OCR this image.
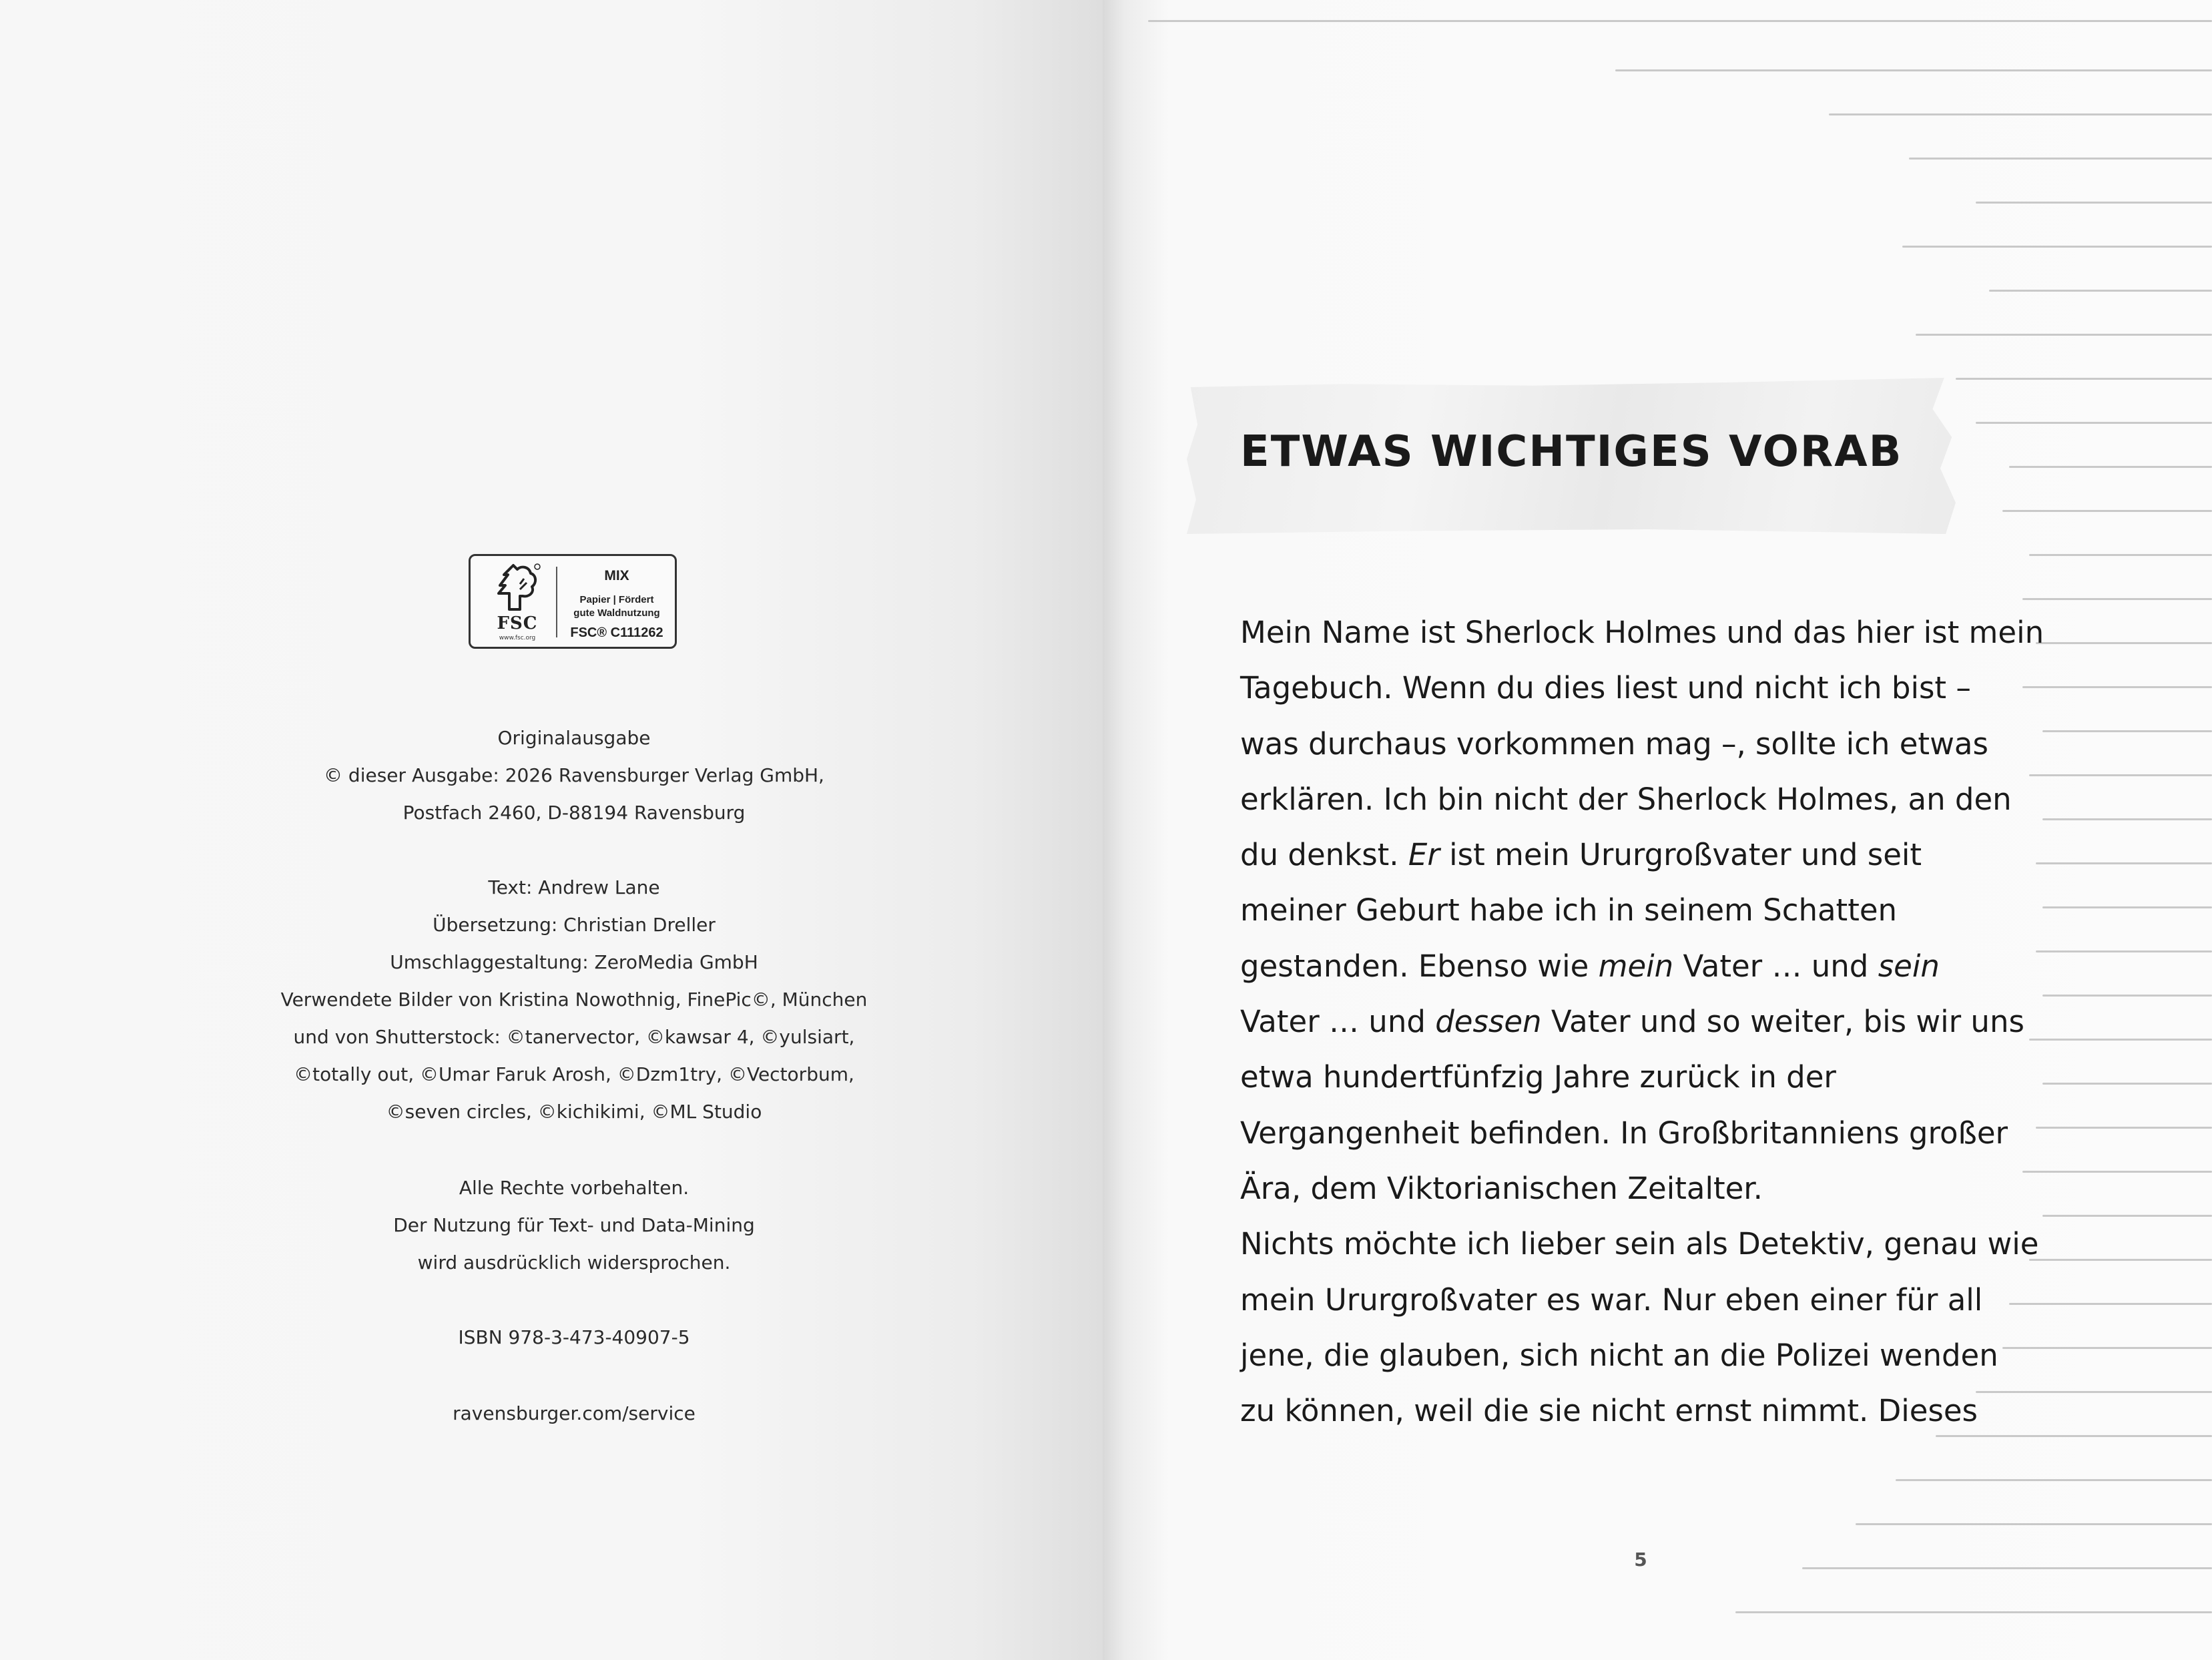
FSC
www.fsc.org
MIX
Papier | Fördert
gute Waldnutzung
FSC® C111262
Originalausgabe
© dieser Ausgabe: 2026 Ravensburger Verlag GmbH,
Postfach 2460, D-88194 Ravensburg
Text: Andrew Lane
Übersetzung: Christian Dreller
Umschlaggestaltung: ZeroMedia GmbH
Verwendete Bilder von Kristina Nowothnig, FinePic©, München
und von Shutterstock: ©tanervector, ©kawsar 4, ©yulsiart,
©totally out, ©Umar Faruk Arosh, ©Dzm1try, ©Vectorbum,
©seven circles, ©kichikimi, ©ML Studio
Alle Rechte vorbehalten.
Der Nutzung für Text- und Data-Mining
wird ausdrücklich widersprochen.
ISBN 978-3-473-40907-5
ravensburger.com/service
ETWAS WICHTIGES VORAB
Mein Name ist Sherlock Holmes und das hier ist mein
Tagebuch. Wenn du dies liest und nicht ich bist –
was durchaus vorkommen mag –, sollte ich etwas
erklären. Ich bin nicht der Sherlock Holmes, an den
du denkst. Er ist mein Ururgroßvater und seit
meiner Geburt habe ich in seinem Schatten
gestanden. Ebenso wie mein Vater … und sein
Vater … und dessen Vater und so weiter, bis wir uns
etwa hundertfünfzig Jahre zurück in der
Vergangenheit befinden. In Großbritanniens großer
Ära, dem Viktorianischen Zeitalter.
Nichts möchte ich lieber sein als Detektiv, genau wie
mein Ururgroßvater es war. Nur eben einer für all
jene, die glauben, sich nicht an die Polizei wenden
zu können, weil die sie nicht ernst nimmt. Dieses
5
